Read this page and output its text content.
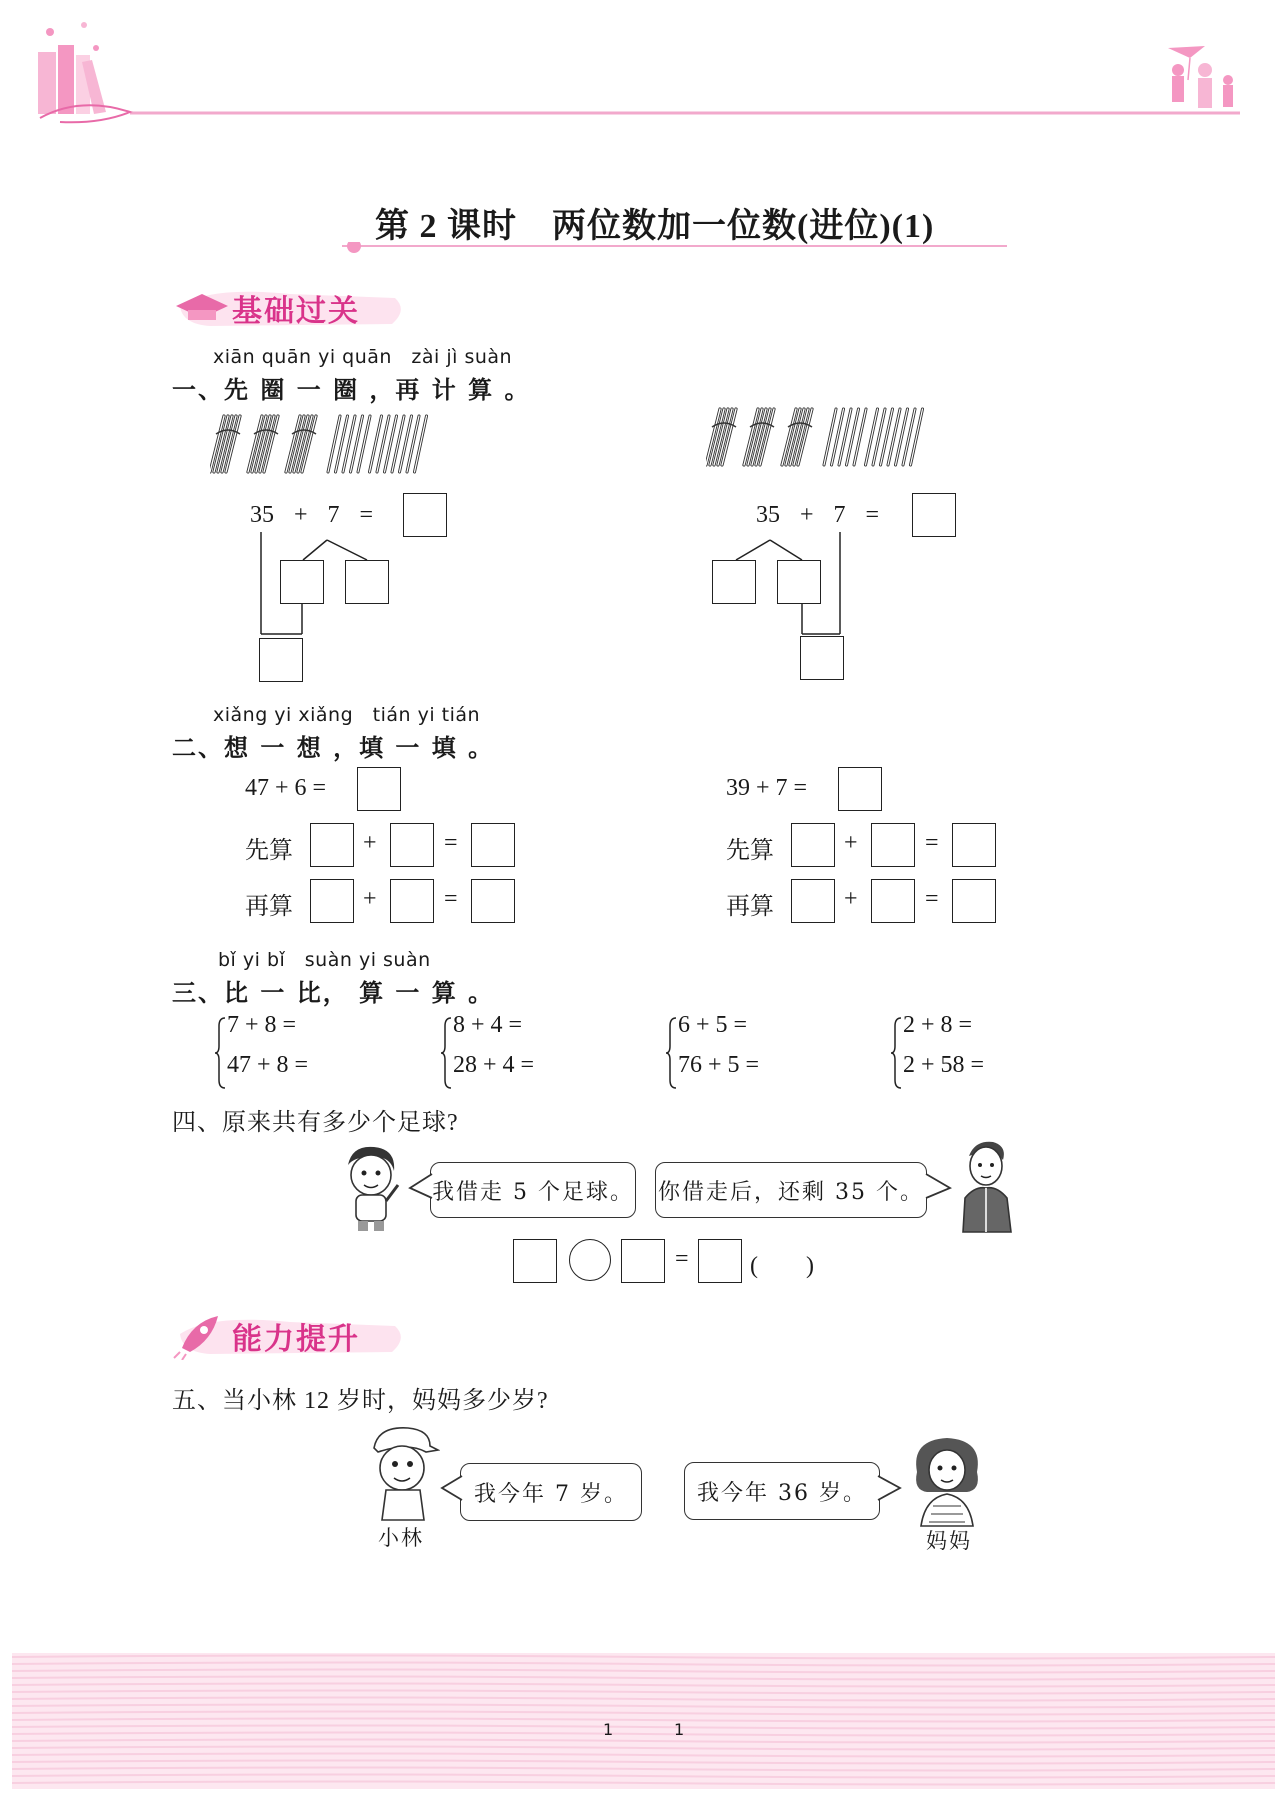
第 2 课时　两位数加一位数(进位)(1)
基础过关
xiān quān yi quān　zài jì suàn
一、先 圈 一 圈 ，再 计 算 。
35 + 7 =	35 + 7 =
xiǎng yi xiǎng　tián yi tián
二、想 一 想 ，填 一 填 。
47 + 6 =
先算	+	=
再算	+	=
39 + 7 =
先算	+	=
再算	+	=
bǐ yi bǐ　suàn yi suàn
三、比 一 比， 算 一 算 。
7 + 8 =
47 + 8 =
8 + 4 =
28 + 4 =
6 + 5 =
76 + 5 =
2 + 8 =
2 + 58 =
四、原来共有多少个足球?
我借走 5 个足球。 你借走后，还剩 35 个。
=	(　　)
能力提升
五、当小林 12 岁时，妈妈多少岁?
小林
我今年 7 岁。	我今年 36 岁。
妈妈
1	1
